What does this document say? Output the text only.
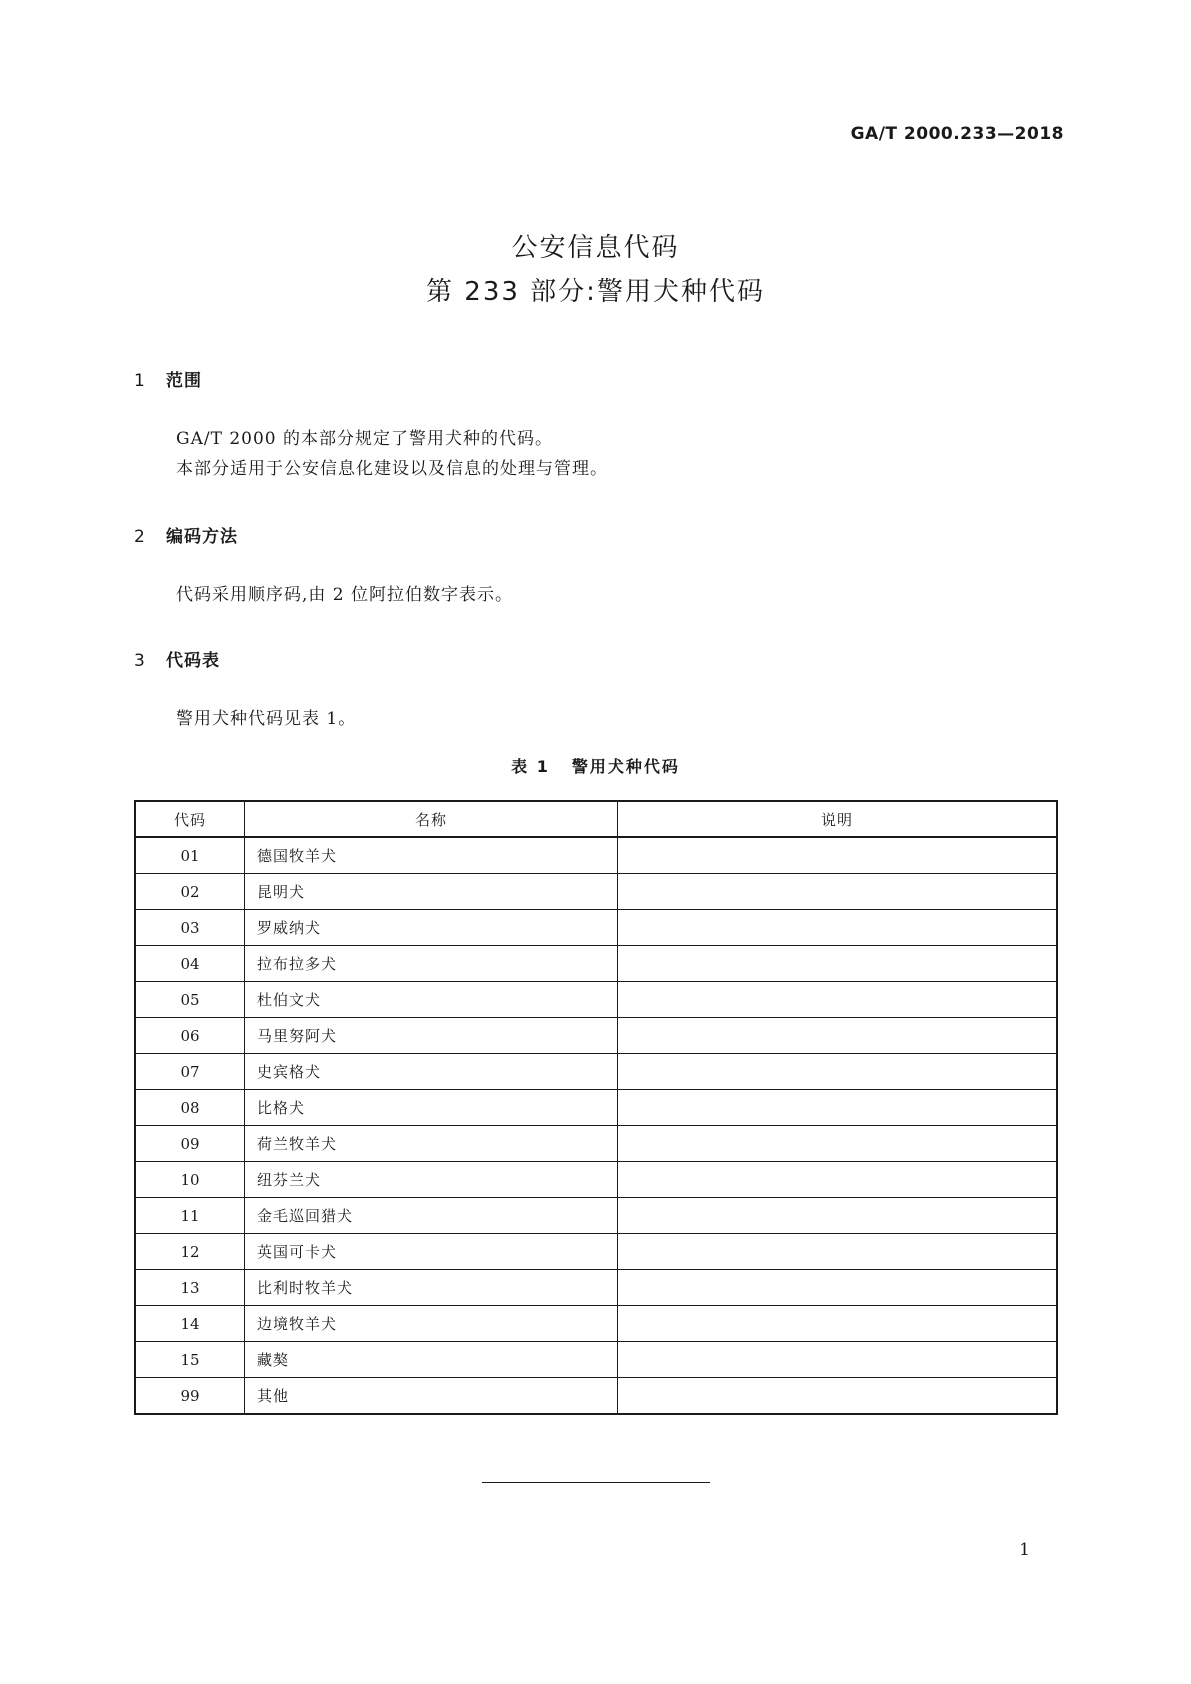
GA/T 2000.233—2018
公安信息代码
第 233 部分:警用犬种代码
1 范围
GA/T 2000 的本部分规定了警用犬种的代码。
本部分适用于公安信息化建设以及信息的处理与管理。
2 编码方法
代码采用顺序码,由 2 位阿拉伯数字表示。
3 代码表
警用犬种代码见表 1。
表 1 警用犬种代码
代码	名称	说明
01	德国牧羊犬	
02	昆明犬	
03	罗威纳犬	
04	拉布拉多犬	
05	杜伯文犬	
06	马里努阿犬	
07	史宾格犬	
08	比格犬	
09	荷兰牧羊犬	
10	纽芬兰犬	
11	金毛巡回猎犬	
12	英国可卡犬	
13	比利时牧羊犬	
14	边境牧羊犬	
15	藏獒	
99	其他	
1
